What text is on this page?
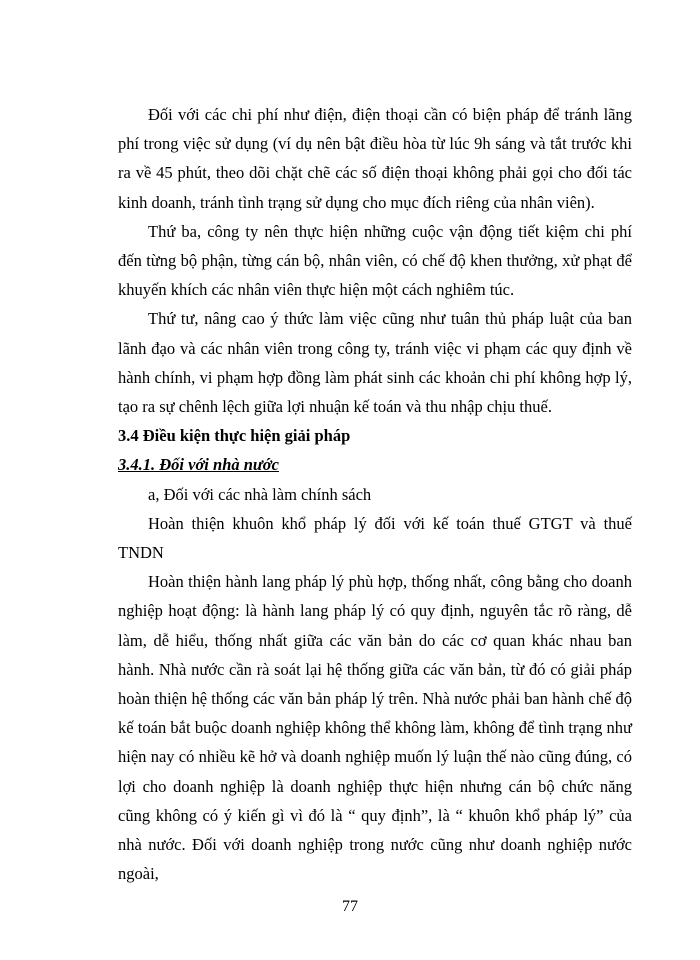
Đối với các chi phí như điện, điện thoại cần có biện pháp để tránh lãng phí trong việc sử dụng (ví dụ nên bật điều hòa từ lúc 9h sáng và tắt trước khi ra về 45 phút, theo dõi chặt chẽ các số điện thoại không phải gọi cho đối tác kinh doanh, tránh tình trạng sử dụng cho mục đích riêng của nhân viên).

Thứ ba, công ty nên thực hiện những cuộc vận động tiết kiệm chi phí đến từng bộ phận, từng cán bộ, nhân viên, có chế độ khen thưởng, xử phạt để khuyến khích các nhân viên thực hiện một cách nghiêm túc.

Thứ tư, nâng cao ý thức làm việc cũng như tuân thủ pháp luật của ban lãnh đạo và các nhân viên trong công ty, tránh việc vi phạm các quy định về hành chính, vi phạm hợp đồng làm phát sinh các khoản chi phí không hợp lý, tạo ra sự chênh lệch giữa lợi nhuận kế toán và thu nhập chịu thuế.

3.4 Điều kiện thực hiện giải pháp
3.4.1. Đối với nhà nước

a, Đối với các nhà làm chính sách

Hoàn thiện khuôn khổ pháp lý đối với kế toán thuế GTGT và thuế TNDN

Hoàn thiện hành lang pháp lý phù hợp, thống nhất, công bằng cho doanh nghiệp hoạt động: là hành lang pháp lý có quy định, nguyên tắc rõ ràng, dễ làm, dễ hiểu, thống nhất giữa các văn bản do các cơ quan khác nhau ban hành. Nhà nước cần rà soát lại hệ thống giữa các văn bản, từ đó có giải pháp hoàn thiện hệ thống các văn bản pháp lý trên. Nhà nước phải ban hành chế độ kế toán bắt buộc doanh nghiệp không thể không làm, không để tình trạng như hiện nay có nhiều kẽ hở và doanh nghiệp muốn lý luận thế nào cũng đúng, có lợi cho doanh nghiệp là doanh nghiệp thực hiện nhưng cán bộ chức năng cũng không có ý kiến gì vì đó là “ quy định”, là “ khuôn khổ pháp lý” của nhà nước. Đối với doanh nghiệp trong nước cũng như doanh nghiệp nước ngoài,

77
